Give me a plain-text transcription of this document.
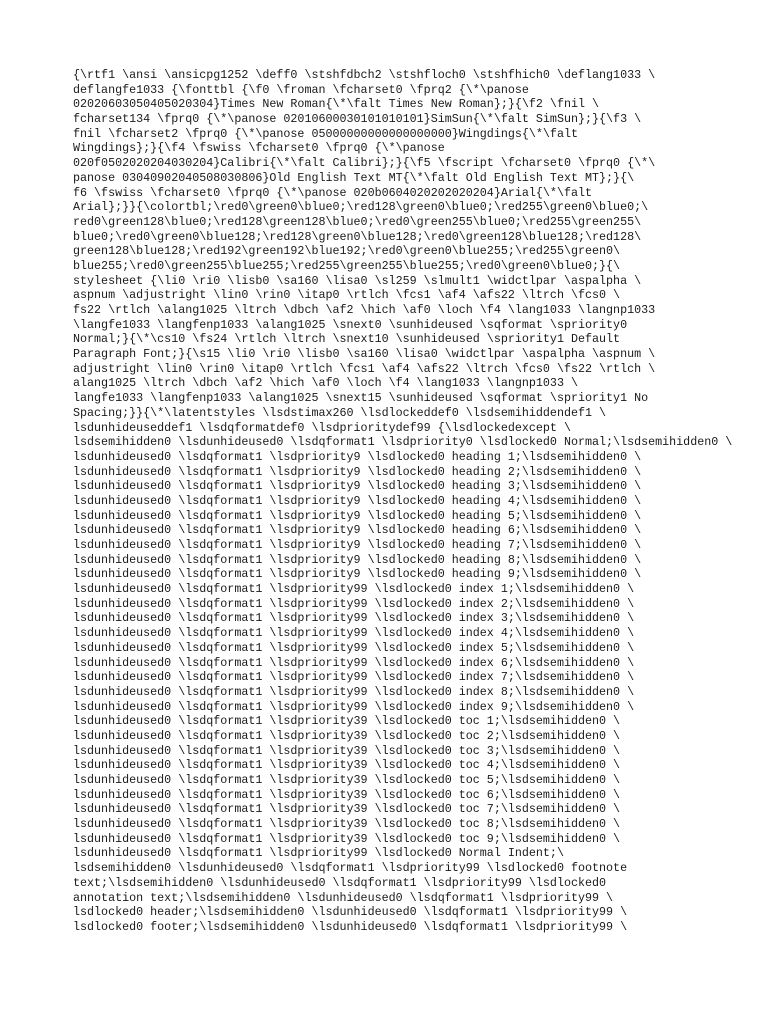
{\rtf1 \ansi \ansicpg1252 \deff0 \stshfdbch2 \stshfloch0 \stshfhich0 \deflang1033 \
deflangfe1033 {\fonttbl {\f0 \froman \fcharset0 \fprq2 {\*\panose
02020603050405020304}Times New Roman{\*\falt Times New Roman};}{\f2 \fnil \
fcharset134 \fprq0 {\*\panose 02010600030101010101}SimSun{\*\falt SimSun};}{\f3 \
fnil \fcharset2 \fprq0 {\*\panose 05000000000000000000}Wingdings{\*\falt
Wingdings};}{\f4 \fswiss \fcharset0 \fprq0 {\*\panose
020f0502020204030204}Calibri{\*\falt Calibri};}{\f5 \fscript \fcharset0 \fprq0 {\*\
panose 03040902040508030806}Old English Text MT{\*\falt Old English Text MT};}{\
f6 \fswiss \fcharset0 \fprq0 {\*\panose 020b0604020202020204}Arial{\*\falt
Arial};}}{\colortbl;\red0\green0\blue0;\red128\green0\blue0;\red255\green0\blue0;\
red0\green128\blue0;\red128\green128\blue0;\red0\green255\blue0;\red255\green255\
blue0;\red0\green0\blue128;\red128\green0\blue128;\red0\green128\blue128;\red128\
green128\blue128;\red192\green192\blue192;\red0\green0\blue255;\red255\green0\
blue255;\red0\green255\blue255;\red255\green255\blue255;\red0\green0\blue0;}{\
stylesheet {\li0 \ri0 \lisb0 \sa160 \lisa0 \sl259 \slmult1 \widctlpar \aspalpha \
aspnum \adjustright \lin0 \rin0 \itap0 \rtlch \fcs1 \af4 \afs22 \ltrch \fcs0 \
fs22 \rtlch \alang1025 \ltrch \dbch \af2 \hich \af0 \loch \f4 \lang1033 \langnp1033
\langfe1033 \langfenp1033 \alang1025 \snext0 \sunhideused \sqformat \spriority0
Normal;}{\*\cs10 \fs24 \rtlch \ltrch \snext10 \sunhideused \spriority1 Default
Paragraph Font;}{\s15 \li0 \ri0 \lisb0 \sa160 \lisa0 \widctlpar \aspalpha \aspnum \
adjustright \lin0 \rin0 \itap0 \rtlch \fcs1 \af4 \afs22 \ltrch \fcs0 \fs22 \rtlch \
alang1025 \ltrch \dbch \af2 \hich \af0 \loch \f4 \lang1033 \langnp1033 \
langfe1033 \langfenp1033 \alang1025 \snext15 \sunhideused \sqformat \spriority1 No
Spacing;}}{\*\latentstyles \lsdstimax260 \lsdlockeddef0 \lsdsemihiddendef1 \
lsdunhideuseddef1 \lsdqformatdef0 \lsdprioritydef99 {\lsdlockedexcept \
lsdsemihidden0 \lsdunhideused0 \lsdqformat1 \lsdpriority0 \lsdlocked0 Normal;\lsdsemihidden0 \
lsdunhideused0 \lsdqformat1 \lsdpriority9 \lsdlocked0 heading 1;\lsdsemihidden0 \
lsdunhideused0 \lsdqformat1 \lsdpriority9 \lsdlocked0 heading 2;\lsdsemihidden0 \
lsdunhideused0 \lsdqformat1 \lsdpriority9 \lsdlocked0 heading 3;\lsdsemihidden0 \
lsdunhideused0 \lsdqformat1 \lsdpriority9 \lsdlocked0 heading 4;\lsdsemihidden0 \
lsdunhideused0 \lsdqformat1 \lsdpriority9 \lsdlocked0 heading 5;\lsdsemihidden0 \
lsdunhideused0 \lsdqformat1 \lsdpriority9 \lsdlocked0 heading 6;\lsdsemihidden0 \
lsdunhideused0 \lsdqformat1 \lsdpriority9 \lsdlocked0 heading 7;\lsdsemihidden0 \
lsdunhideused0 \lsdqformat1 \lsdpriority9 \lsdlocked0 heading 8;\lsdsemihidden0 \
lsdunhideused0 \lsdqformat1 \lsdpriority9 \lsdlocked0 heading 9;\lsdsemihidden0 \
lsdunhideused0 \lsdqformat1 \lsdpriority99 \lsdlocked0 index 1;\lsdsemihidden0 \
lsdunhideused0 \lsdqformat1 \lsdpriority99 \lsdlocked0 index 2;\lsdsemihidden0 \
lsdunhideused0 \lsdqformat1 \lsdpriority99 \lsdlocked0 index 3;\lsdsemihidden0 \
lsdunhideused0 \lsdqformat1 \lsdpriority99 \lsdlocked0 index 4;\lsdsemihidden0 \
lsdunhideused0 \lsdqformat1 \lsdpriority99 \lsdlocked0 index 5;\lsdsemihidden0 \
lsdunhideused0 \lsdqformat1 \lsdpriority99 \lsdlocked0 index 6;\lsdsemihidden0 \
lsdunhideused0 \lsdqformat1 \lsdpriority99 \lsdlocked0 index 7;\lsdsemihidden0 \
lsdunhideused0 \lsdqformat1 \lsdpriority99 \lsdlocked0 index 8;\lsdsemihidden0 \
lsdunhideused0 \lsdqformat1 \lsdpriority99 \lsdlocked0 index 9;\lsdsemihidden0 \
lsdunhideused0 \lsdqformat1 \lsdpriority39 \lsdlocked0 toc 1;\lsdsemihidden0 \
lsdunhideused0 \lsdqformat1 \lsdpriority39 \lsdlocked0 toc 2;\lsdsemihidden0 \
lsdunhideused0 \lsdqformat1 \lsdpriority39 \lsdlocked0 toc 3;\lsdsemihidden0 \
lsdunhideused0 \lsdqformat1 \lsdpriority39 \lsdlocked0 toc 4;\lsdsemihidden0 \
lsdunhideused0 \lsdqformat1 \lsdpriority39 \lsdlocked0 toc 5;\lsdsemihidden0 \
lsdunhideused0 \lsdqformat1 \lsdpriority39 \lsdlocked0 toc 6;\lsdsemihidden0 \
lsdunhideused0 \lsdqformat1 \lsdpriority39 \lsdlocked0 toc 7;\lsdsemihidden0 \
lsdunhideused0 \lsdqformat1 \lsdpriority39 \lsdlocked0 toc 8;\lsdsemihidden0 \
lsdunhideused0 \lsdqformat1 \lsdpriority39 \lsdlocked0 toc 9;\lsdsemihidden0 \
lsdunhideused0 \lsdqformat1 \lsdpriority99 \lsdlocked0 Normal Indent;\
lsdsemihidden0 \lsdunhideused0 \lsdqformat1 \lsdpriority99 \lsdlocked0 footnote
text;\lsdsemihidden0 \lsdunhideused0 \lsdqformat1 \lsdpriority99 \lsdlocked0
annotation text;\lsdsemihidden0 \lsdunhideused0 \lsdqformat1 \lsdpriority99 \
lsdlocked0 header;\lsdsemihidden0 \lsdunhideused0 \lsdqformat1 \lsdpriority99 \
lsdlocked0 footer;\lsdsemihidden0 \lsdunhideused0 \lsdqformat1 \lsdpriority99 \
